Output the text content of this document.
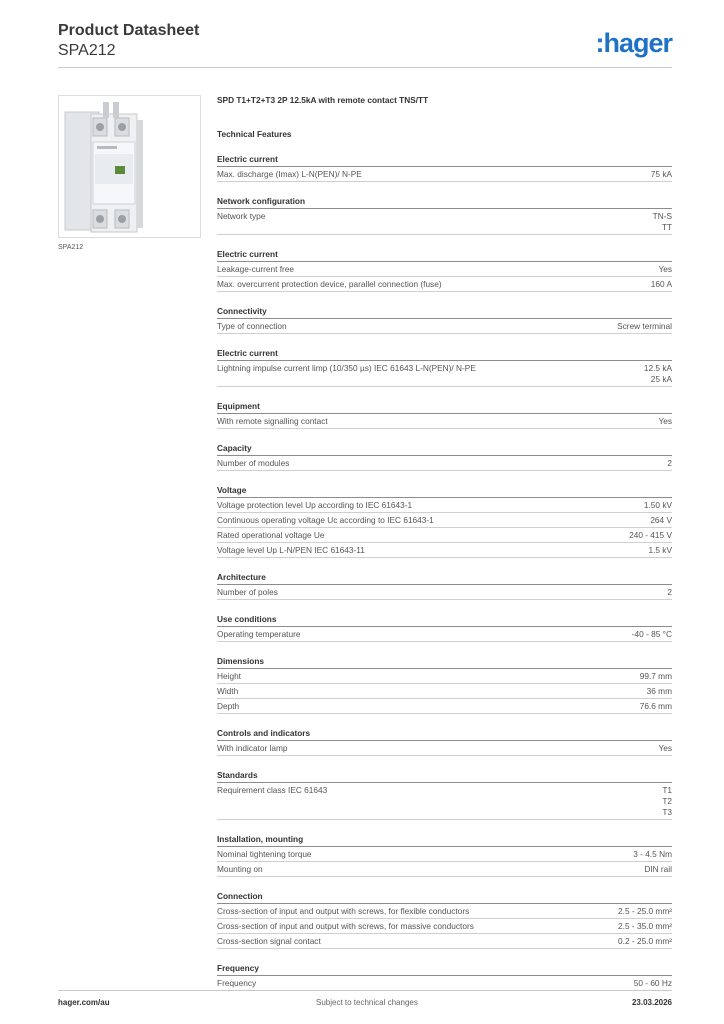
Product Datasheet
SPA212	:hager
SPA212
SPD T1+T2+T3 2P 12.5kA with remote contact TNS/TT
Technical Features
Electric current
Max. discharge (Imax) L-N(PEN)/ N-PE	75 kA
Network configuration
Network type	TN-S
TT
Electric current
Leakage-current free	Yes
Max. overcurrent protection device, parallel connection (fuse)	160 A
Connectivity
Type of connection	Screw terminal
Electric current
Lightning impulse current limp (10/350 µs) IEC 61643 L-N(PEN)/ N-PE	12.5 kA
25 kA
Equipment
With remote signalling contact	Yes
Capacity
Number of modules	2
Voltage
Voltage protection level Up according to IEC 61643-1	1.50 kV
Continuous operating voltage Uc according to IEC 61643-1	264 V
Rated operational voltage Ue	240 - 415 V
Voltage level Up L-N/PEN IEC 61643-11	1.5 kV
Architecture
Number of poles	2
Use conditions
Operating temperature	-40 - 85 °C
Dimensions
Height	99.7 mm
Width	36 mm
Depth	76.6 mm
Controls and indicators
With indicator lamp	Yes
Standards
Requirement class IEC 61643	T1
T2
T3
Installation, mounting
Nominal tightening torque	3 - 4.5 Nm
Mounting on	DIN rail
Connection
Cross-section of input and output with screws, for flexible conductors	2.5 - 25.0 mm²
Cross-section of input and output with screws, for massive conductors	2.5 - 35.0 mm²
Cross-section signal contact	0.2 - 25.0 mm²
Frequency
Frequency	50 - 60 Hz
hager.com/au	Subject to technical changes	23.03.2026
